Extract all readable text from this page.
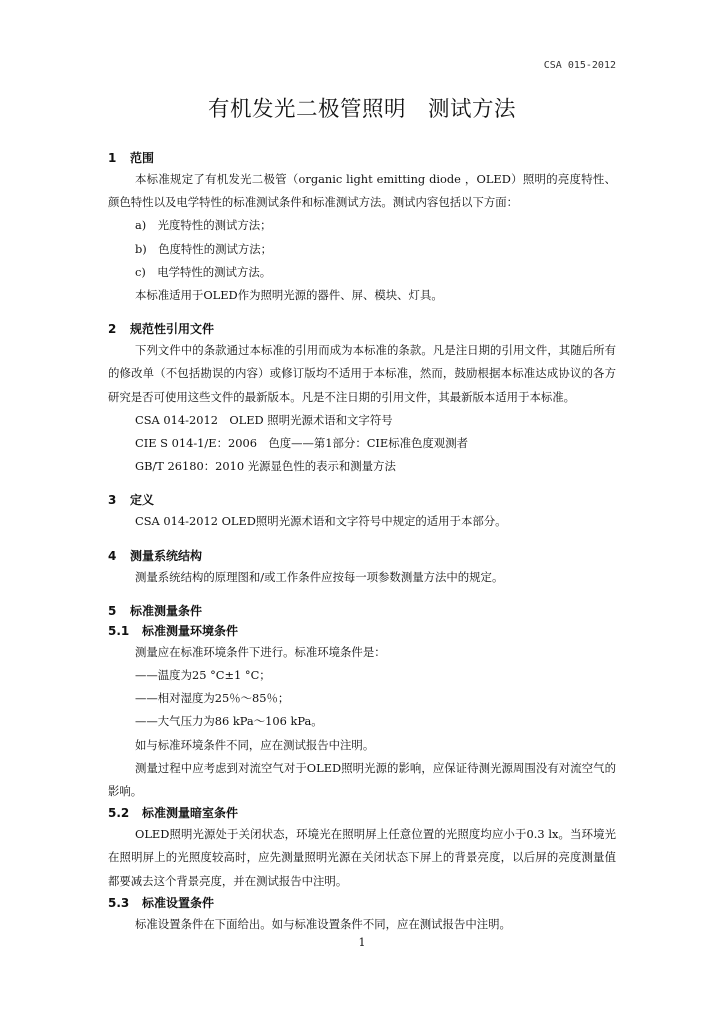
CSA 015-2012
有机发光二极管照明　测试方法
1 范围
本标准规定了有机发光二极管（organic light emitting diode ，OLED）照明的亮度特性、颜色特性以及电学特性的标准测试条件和标准测试方法。测试内容包括以下方面：
a)　光度特性的测试方法；
b)　色度特性的测试方法；
c)　电学特性的测试方法。
本标准适用于OLED作为照明光源的器件、屏、模块、灯具。
2 规范性引用文件
下列文件中的条款通过本标准的引用而成为本标准的条款。凡是注日期的引用文件，其随后所有的修改单（不包括勘误的内容）或修订版均不适用于本标准，然而，鼓励根据本标准达成协议的各方研究是否可使用这些文件的最新版本。凡是不注日期的引用文件，其最新版本适用于本标准。
CSA 014-2012　OLED 照明光源术语和文字符号
CIE S 014-1/E：2006　色度——第1部分：CIE标准色度观测者
GB/T 26180：2010 光源显色性的表示和测量方法
3 定义
CSA 014-2012 OLED照明光源术语和文字符号中规定的适用于本部分。
4 测量系统结构
测量系统结构的原理图和/或工作条件应按每一项参数测量方法中的规定。
5 标准测量条件
5.1 标准测量环境条件
测量应在标准环境条件下进行。标准环境条件是：
——温度为25 °C±1 °C；
——相对湿度为25％～85％；
——大气压力为86 kPa～106 kPa。
如与标准环境条件不同，应在测试报告中注明。
测量过程中应考虑到对流空气对于OLED照明光源的影响，应保证待测光源周围没有对流空气的影响。
5.2 标准测量暗室条件
OLED照明光源处于关闭状态，环境光在照明屏上任意位置的光照度均应小于0.3 lx。当环境光在照明屏上的光照度较高时，应先测量照明光源在关闭状态下屏上的背景亮度，以后屏的亮度测量值都要减去这个背景亮度，并在测试报告中注明。
5.3 标准设置条件
标准设置条件在下面给出。如与标准设置条件不同，应在测试报告中注明。
1
